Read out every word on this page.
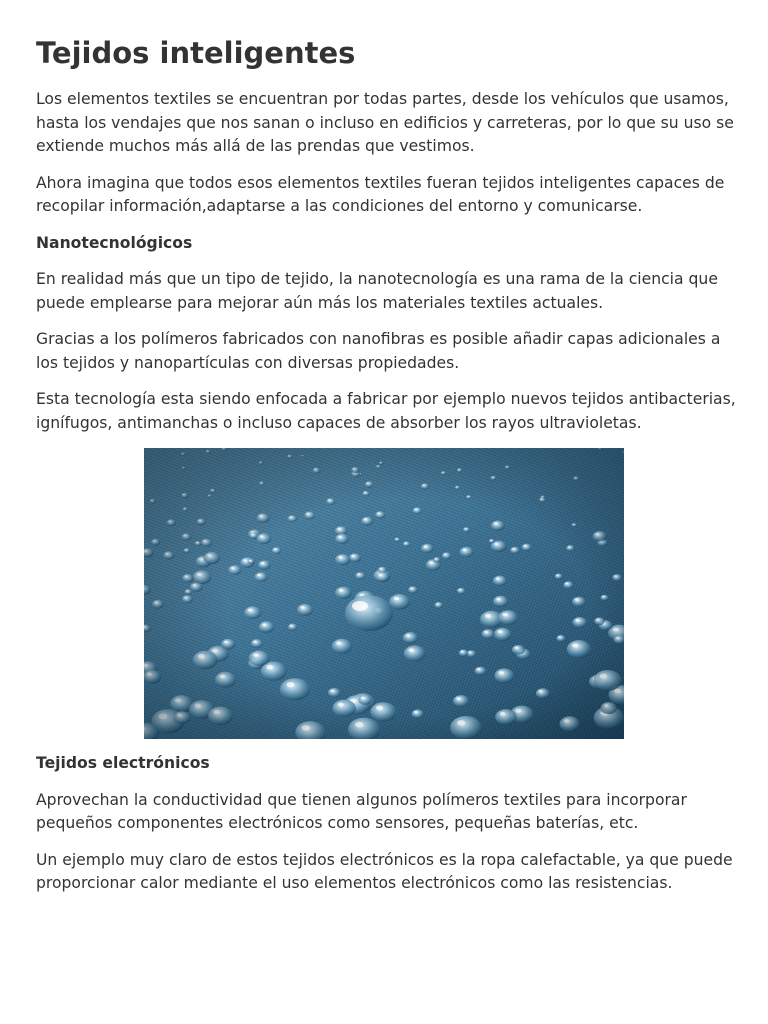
Tejidos inteligentes

Los elementos textiles se encuentran por todas partes, desde los vehículos que usamos, hasta los vendajes que nos sanan o incluso en edificios y carreteras, por lo que su uso se extiende muchos más allá de las prendas que vestimos.

Ahora imagina que todos esos elementos textiles fueran tejidos inteligentes capaces de recopilar información,adaptarse a las condiciones del entorno y comunicarse.

Nanotecnológicos

En realidad más que un tipo de tejido, la nanotecnología es una rama de la ciencia que puede emplearse para mejorar aún más los materiales textiles actuales.

Gracias a los polímeros fabricados con nanofibras es posible añadir capas adicionales a los tejidos y nanopartículas con diversas propiedades.

Esta tecnología esta siendo enfocada a fabricar por ejemplo nuevos tejidos antibacterias, ignífugos, antimanchas o incluso capaces de absorber los rayos ultravioletas.

Tejidos electrónicos

Aprovechan la conductividad que tienen algunos polímeros textiles para incorporar pequeños componentes electrónicos como sensores, pequeñas baterías, etc.

Un ejemplo muy claro de estos tejidos electrónicos es la ropa calefactable, ya que puede proporcionar calor mediante el uso elementos electrónicos como las resistencias.
